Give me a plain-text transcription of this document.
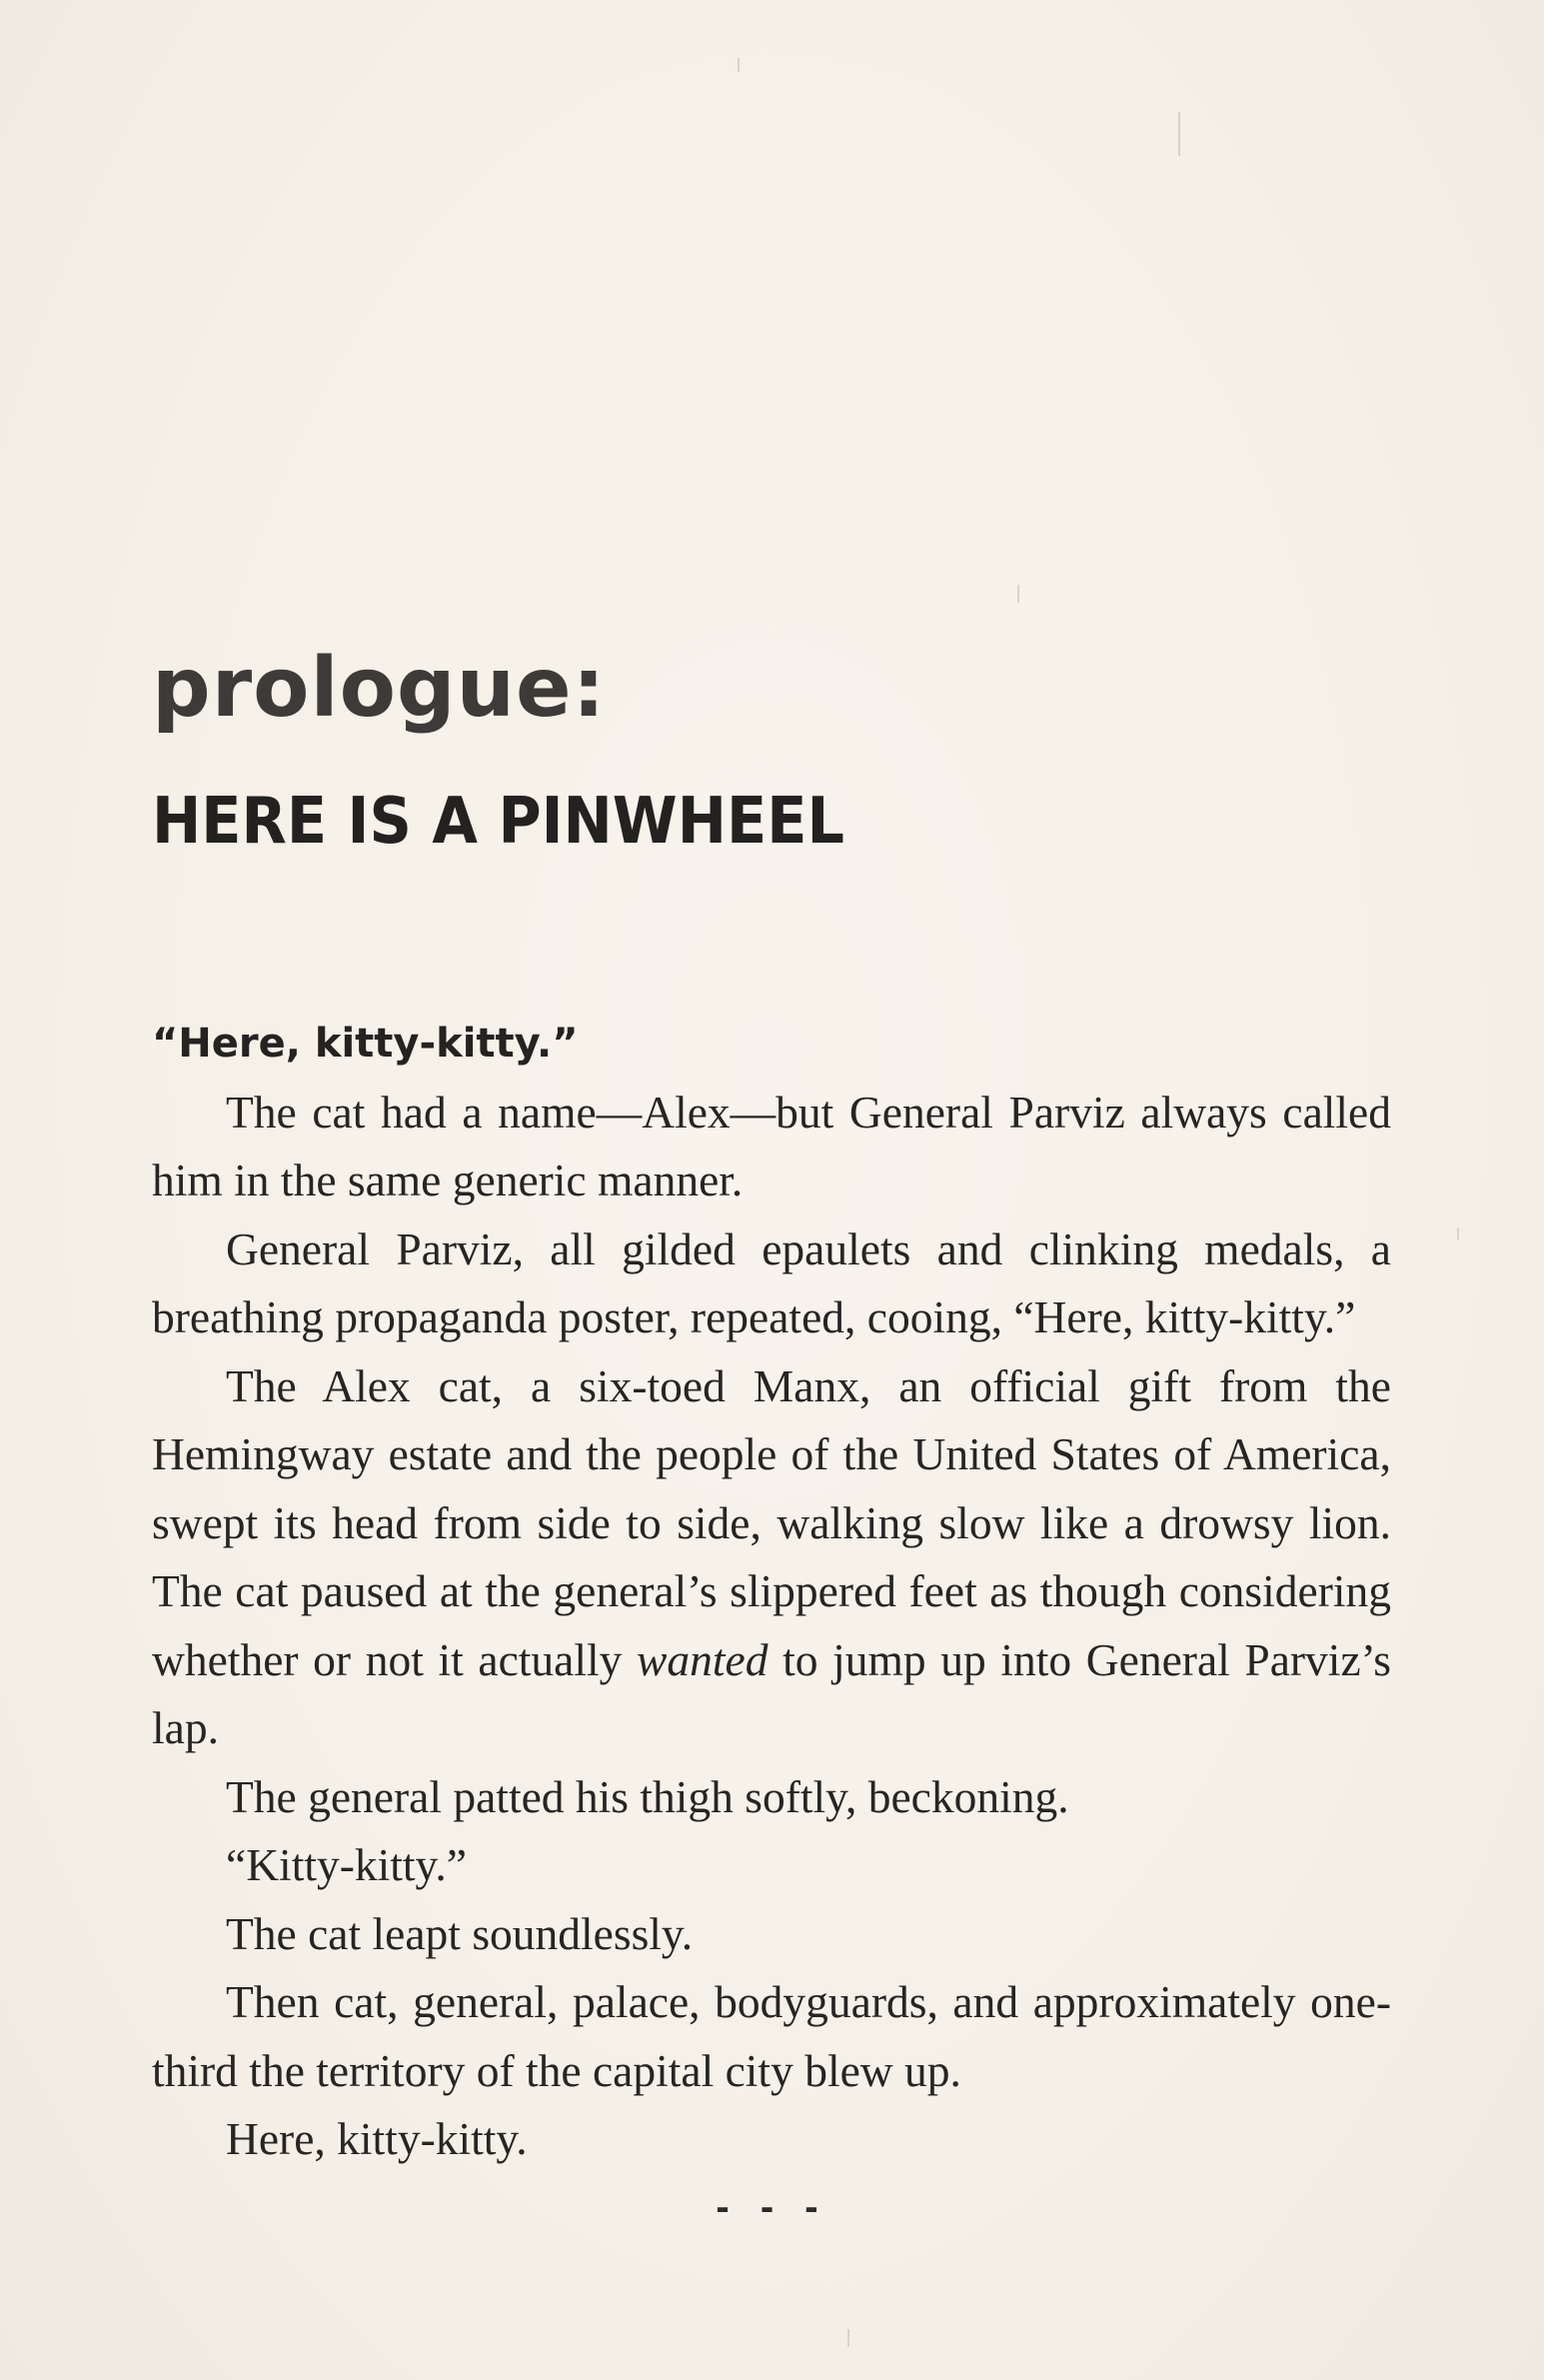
prologue:
HERE IS A PINWHEEL

“Here, kitty-kitty.”

The cat had a name—Alex—but General Parviz always called him in the same generic manner.

General Parviz, all gilded epaulets and clinking medals, a breathing propaganda poster, repeated, cooing, “Here, kitty-kitty.”

The Alex cat, a six-toed Manx, an official gift from the Hemingway estate and the people of the United States of America, swept its head from side to side, walking slow like a drowsy lion. The cat paused at the general’s slippered feet as though considering whether or not it actually wanted to jump up into General Parviz’s lap.

The general patted his thigh softly, beckoning.

“Kitty-kitty.”

The cat leapt soundlessly.

Then cat, general, palace, bodyguards, and approximately one-third the territory of the capital city blew up.

Here, kitty-kitty.

- - -
